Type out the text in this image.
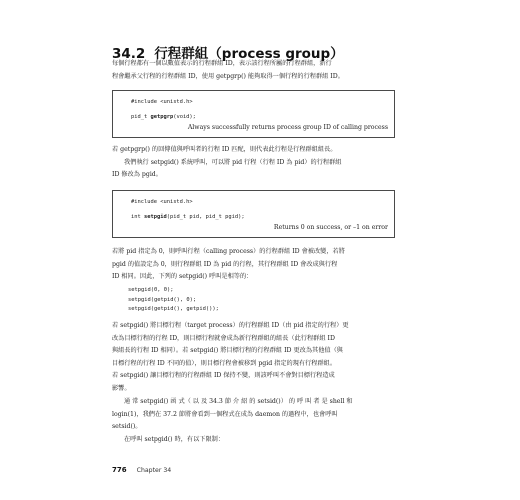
34.2 行程群組（process group）
每個行程都有一個以數值表示的行程群組 ID，表示該行程所屬的行程群組，新行
程會繼承父行程的行程群組 ID，使用 getpgrp() 能夠取得一個行程的行程群組 ID。
#include <unistd.h>
pid_t getpgrp(void);
Always successfully returns process group ID of calling process
若 getpgrp() 的回傳值與呼叫者的行程 ID 匹配，則代表此行程是行程群組組長。
我們執行 setpgid() 系統呼叫，可以將 pid 行程（行程 ID 為 pid）的行程群組
ID 修改為 pgid。
#include <unistd.h>
int setpgid(pid_t pid, pid_t pgid);
Returns 0 on success, or –1 on error
若將 pid 指定為 0，則呼叫行程（calling process）的行程群組 ID 會被改變，若將
pgid 的值設定為 0，則行程群組 ID 為 pid 的行程，其行程群組 ID 會改成與行程
ID 相同。因此，下列的 setpgid() 呼叫是相等的：
setpgid(0, 0);
setpgid(getpid(), 0);
setpgid(getpid(), getpid());
若 setpgid() 將目標行程（target process）的行程群組 ID（由 pid 指定的行程）更
改為目標行程的行程 ID，則目標行程就會成為新行程群組的組長（此行程群組 ID
與組長的行程 ID 相同）。若 setpgid() 將目標行程的行程群組 ID 更改為其他值（與
目標行程的行程 ID 不同的值），則目標行程會被移到 pgid 指定的現有行程群組。
若 setpgid() 讓目標行程的行程群組 ID 保持不變，則該呼叫不會對目標行程造成
影響。
通 常 setpgid() 函 式（ 以 及 34.3 節 介 紹 的 setsid()） 的 呼 叫 者 是 shell 和
login(1)，我們在 37.2 節將會看到一個程式在成為 daemon 的過程中，也會呼叫
setsid()。
在呼叫 setpgid() 時，有以下限制：
776 Chapter 34
